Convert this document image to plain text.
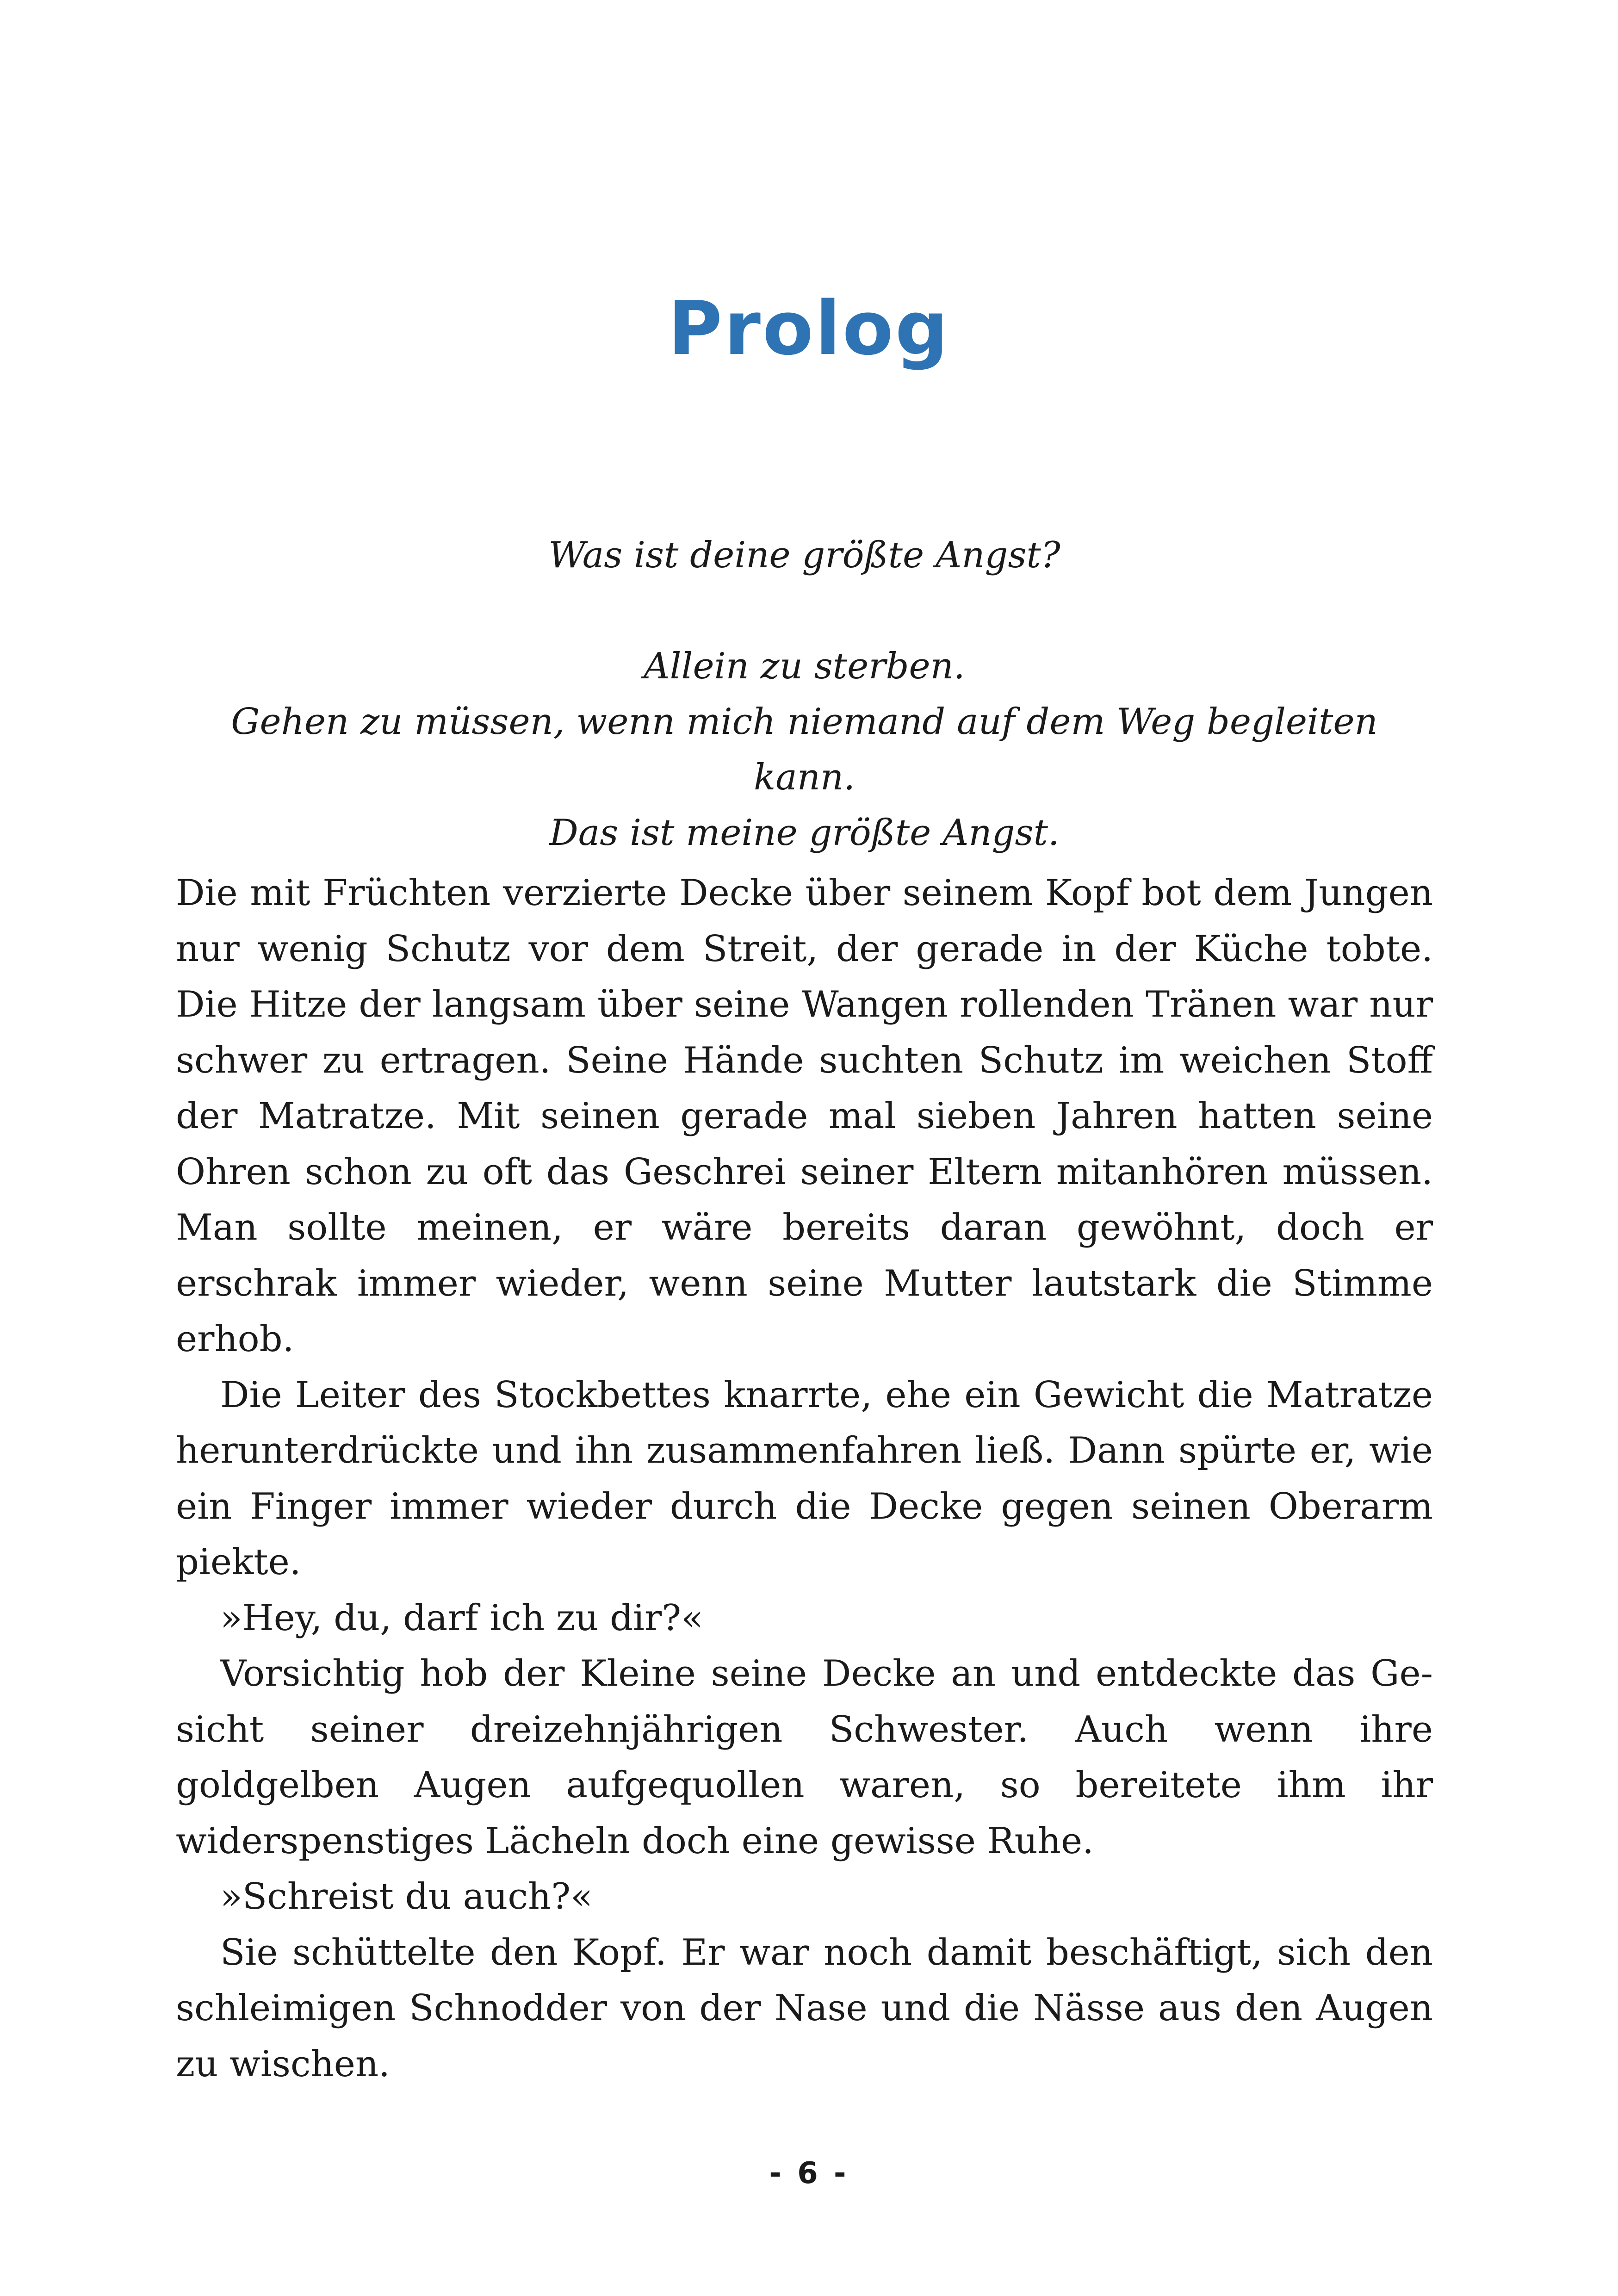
Prolog

Was ist deine größte Angst?

Allein zu sterben.

Gehen zu müssen, wenn mich niemand auf dem Weg begleiten kann.

Das ist meine größte Angst.

Die mit Früchten verzierte Decke über seinem Kopf bot dem Jungen nur wenig Schutz vor dem Streit, der gerade in der Küche tobte. Die Hitze der langsam über seine Wangen rollenden Tränen war nur schwer zu ertragen. Seine Hände suchten Schutz im weichen Stoff der Matratze. Mit seinen gerade mal sieben Jahren hatten seine Ohren schon zu oft das Geschrei seiner Eltern mitanhören müssen. Man sollte meinen, er wäre bereits daran gewöhnt, doch er erschrak immer wieder, wenn seine Mutter lautstark die Stimme erhob.

Die Leiter des Stockbettes knarrte, ehe ein Gewicht die Matratze herunterdrückte und ihn zusammenfahren ließ. Dann spürte er, wie ein Finger immer wieder durch die Decke gegen seinen Oberarm piekte.

»Hey, du, darf ich zu dir?«

Vorsichtig hob der Kleine seine Decke an und entdeckte das Gesicht seiner dreizehnjährigen Schwester. Auch wenn ihre goldgelben Augen aufgequollen waren, so bereitete ihm ihr widerspenstiges Lächeln doch eine gewisse Ruhe.

»Schreist du auch?«

Sie schüttelte den Kopf. Er war noch damit beschäftigt, sich den schleimigen Schnodder von der Nase und die Nässe aus den Augen zu wischen.

- 6 -
